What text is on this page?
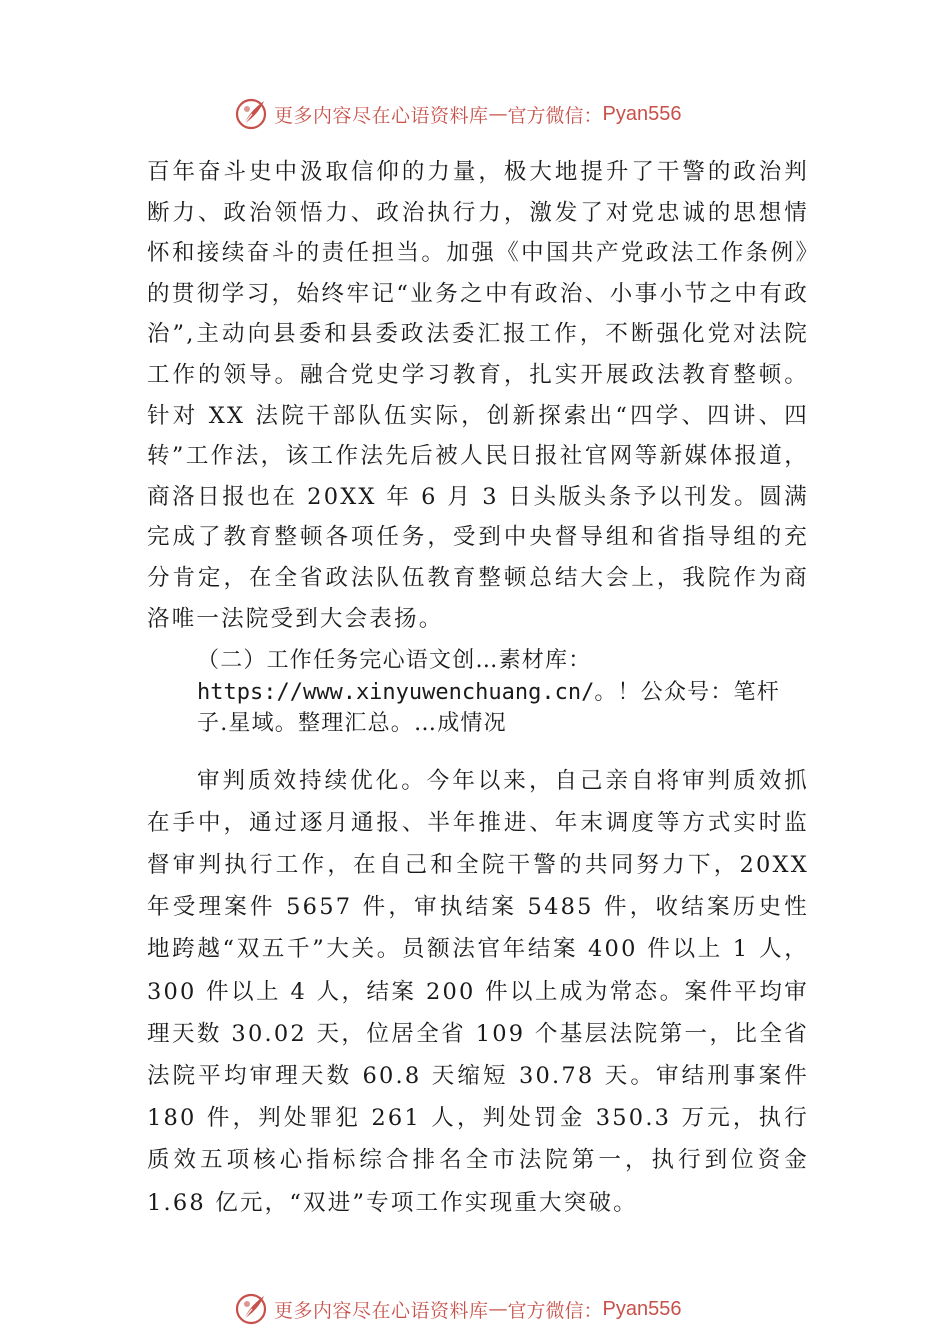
更多内容尽在心语资料库 — 官方微信： Pyan556

百年奋斗史中汲取信仰的力量，极大地提升了干警的政治判断力、政治领悟力、政治执行力，激发了对党忠诚的思想情怀和接续奋斗的责任担当。加强《中国共产党政法工作条例》的贯彻学习，始终牢记“业务之中有政治、小事小节之中有政治”,主动向县委和县委政法委汇报工作，不断强化党对法院工作的领导。融合党史学习教育，扎实开展政法教育整顿。 针对 XX 法院干部队伍实际，创新探索出“四学、四讲、四转”工作法，该工作法先后被人民日报社官网等新媒体报道，商洛日报也在 20XX 年 6 月 3 日头版头条予以刊发。圆满完成了教育整顿各项任务，受到中央督导组和省指导组的充分肯定，在全省政法队伍教育整顿总结大会上，我院作为商洛唯一法院受到大会表扬。

（二）工作任务完心语文创…素材库：https://www.xinyuwenchuang.cn/。！公众号：笔杆子.星域。整理汇总。…成情况

审判质效持续优化。今年以来，自己亲自将审判质效抓在手中，通过逐月通报、半年推进、年末调度等方式实时监 督审判执行工作，在自己和全院干警的共同努力下，20XX 年受理案件 5657 件，审执结案 5485 件，收结案历史性地跨越“双五千”大关。员额法官年结案 400 件以上 1 人，300 件以上 4 人，结案 200 件以上成为常态。案件平均审理天数 30.02 天，位居全省 109 个基层法院第一，比全省法院平均审理天数 60.8 天缩短 30.78 天。审结刑事案件 180 件，判处罪犯 261 人，判处罚金 350.3 万元，执行质效五项核心指标综合排名全市法院第一，执行到位资金 1.68 亿元，“双进”专项工作实现重大突破。

更多内容尽在心语资料库 — 官方微信： Pyan556
